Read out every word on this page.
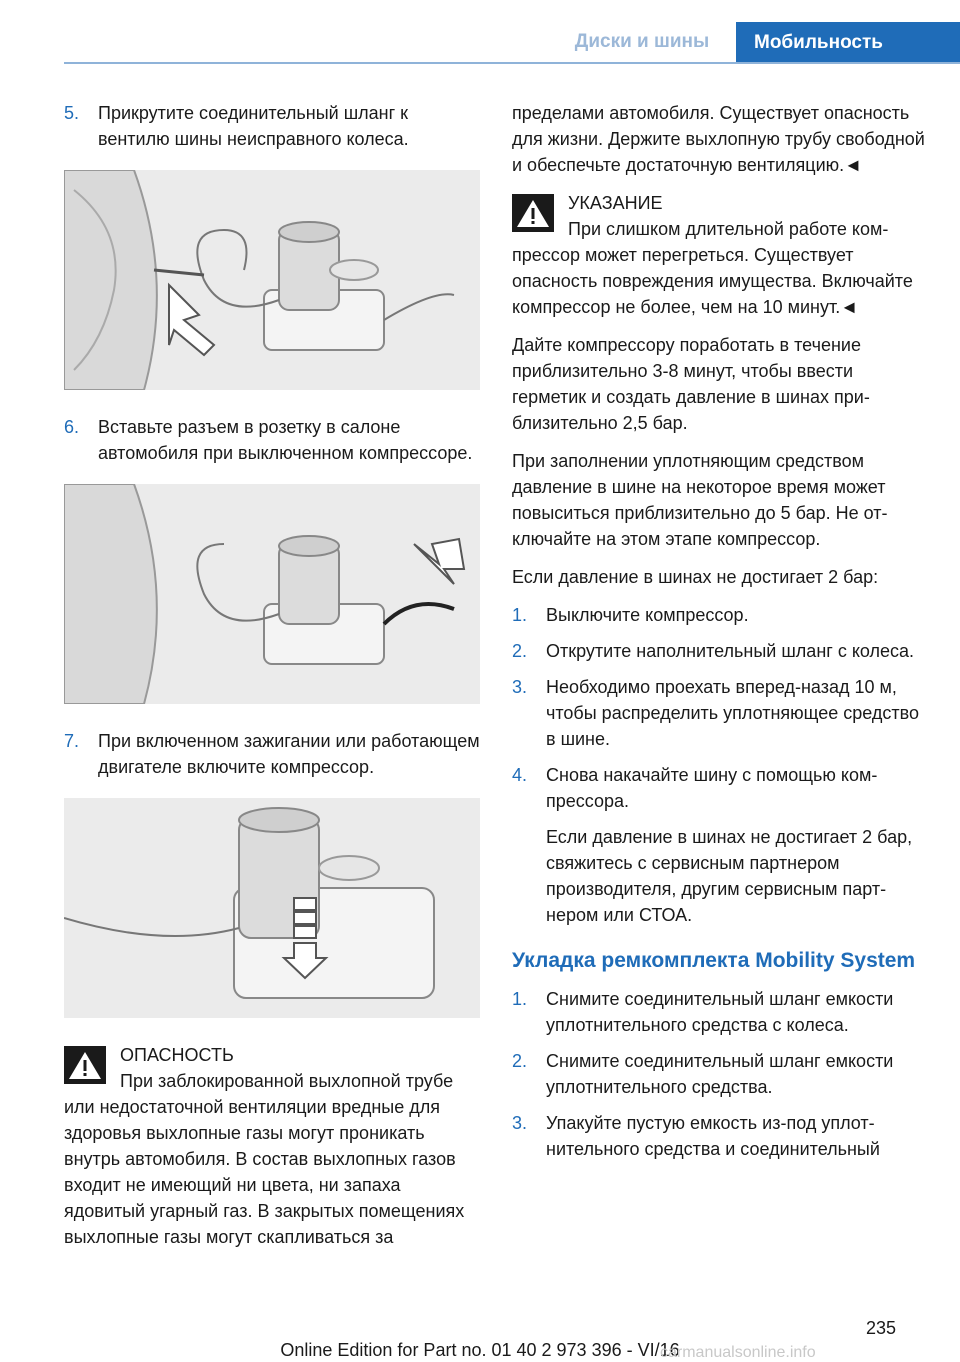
Диски и шины	Мобильность
5. Прикрутите соединительный шланг к вентилю шины неисправного колеса.
6. Вставьте разъем в розетку в салоне автомобиля при выключенном компрессоре.
7. При включенном зажигании или работающем двигателе включите компрессор.
ОПАСНОСТЬ
При заблокированной выхлопной трубе или недостаточной вентиляции вредные для здоровья выхлопные газы могут проникать внутрь автомобиля. В состав выхлопных газов входит не имеющий ни цвета, ни запаха ядовитый угарный газ. В закрытых помещениях выхлопные газы могут скапливаться за

пределами автомобиля. Существует опасность для жизни. Держите выхлопную трубу свободной и обеспечьте достаточную вентиляцию.◄

УКАЗАНИЕ
При слишком длительной работе компрессор может перегреться. Существует опасность повреждения имущества. Включайте компрессор не более, чем на 10 минут.◄

Дайте компрессору поработать в течение приблизительно 3-8 минут, чтобы ввести герметик и создать давление в шинах приблизительно 2,5 бар.

При заполнении уплотняющим средством давление в шине на некоторое время может повыситься приблизительно до 5 бар. Не отключайте на этом этапе компрессор.

Если давление в шинах не достигает 2 бар:

1. Выключите компрессор.
2. Открутите наполнительный шланг с колеса.
3. Необходимо проехать вперед-назад 10 м, чтобы распределить уплотняющее средство в шине.
4. Снова накачайте шину с помощью компрессора.

Если давление в шинах не достигает 2 бар, свяжитесь с сервисным партнером производителя, другим сервисным партнером или СТОА.

Укладка ремкомплекта Mobility System
1. Снимите соединительный шланг емкости уплотнительного средства с колеса.
2. Снимите соединительный шланг емкости уплотнительного средства.
3. Упакуйте пустую емкость из-под уплотнительного средства и соединительный
235
Online Edition for Part no. 01 40 2 973 396 - VI/16
carmanualsonline.info
